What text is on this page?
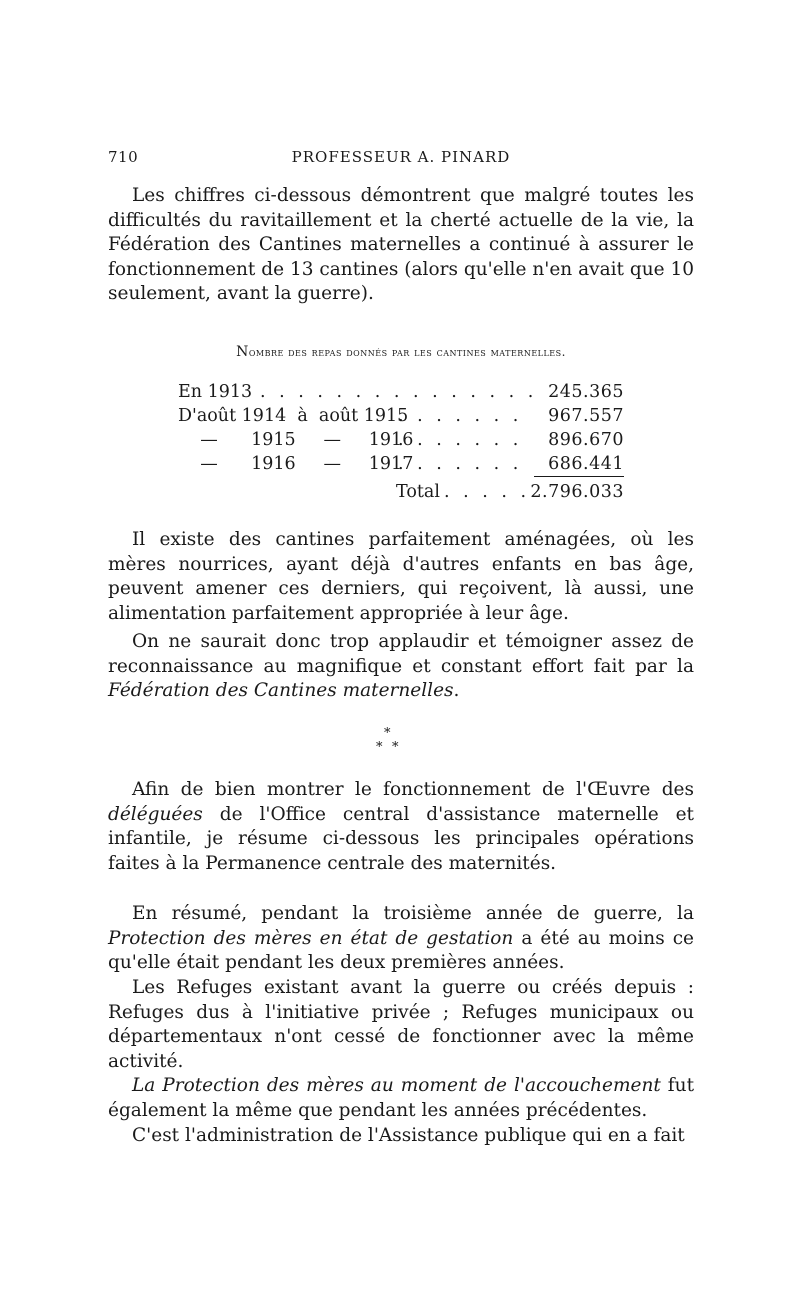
710	PROFESSEUR A. PINARD

Les chiffres ci-dessous démontrent que malgré toutes les difficultés du ravitaillement et la cherté actuelle de la vie, la Fédération des Cantines maternelles a continué à assurer le fonctionnement de 13 cantines (alors qu'elle n'en avait que 10 seulement, avant la guerre).

Nombre des repas donnés par les cantines maternelles.
En 1913 . . . . . . . . . . . . . . . 245.365
D'août 1914  à  août 1915
. . . . . . . 967.557
—      1915     —     1916
. . . . . . . 896.670
—      1916     —     1917
. . . . . . . 686.441
Total . . . . . 2.796.033

Il existe des cantines parfaitement aménagées, où les mères nourrices, ayant déjà d'autres enfants en bas âge, peuvent amener ces derniers, qui reçoivent, là aussi, une alimentation parfaitement appropriée à leur âge.

On ne saurait donc trop applaudir et témoigner assez de reconnaissance au magnifique et constant effort fait par la Fédération des Cantines maternelles.

*
* *

Afin de bien montrer le fonctionnement de l'Œuvre des déléguées de l'Office central d'assistance maternelle et infantile, je résume ci-dessous les principales opérations faites à la Permanence centrale des maternités.

En résumé, pendant la troisième année de guerre, la Protection des mères en état de gestation a été au moins ce qu'elle était pendant les deux premières années.

Les Refuges existant avant la guerre ou créés depuis : Refuges dus à l'initiative privée ; Refuges municipaux ou départementaux n'ont cessé de fonctionner avec la même activité.

La Protection des mères au moment de l'accouchement fut également la même que pendant les années précédentes.

C'est l'administration de l'Assistance publique qui en a fait
